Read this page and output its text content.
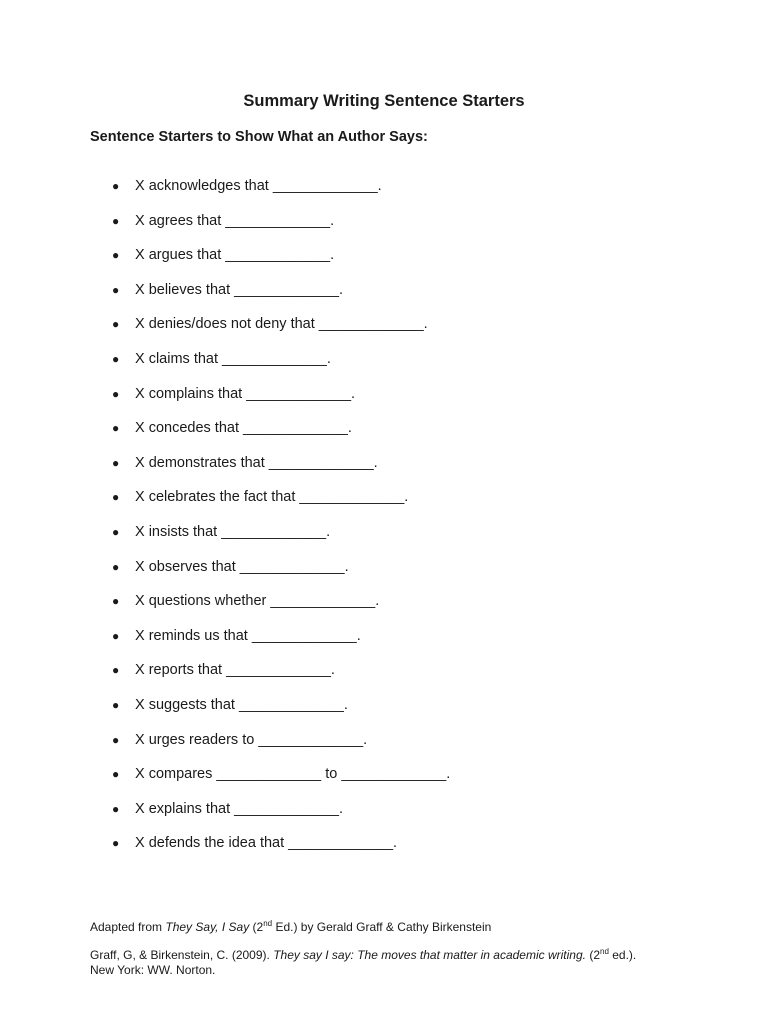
Summary Writing Sentence Starters
Sentence Starters to Show What an Author Says:
● X acknowledges that _____________.
● X agrees that _____________.
● X argues that _____________.
● X believes that _____________.
● X denies/does not deny that _____________.
● X claims that _____________.
● X complains that _____________.
● X concedes that _____________.
● X demonstrates that _____________.
● X celebrates the fact that _____________.
● X insists that _____________.
● X observes that _____________.
● X questions whether _____________.
● X reminds us that _____________.
● X reports that _____________.
● X suggests that _____________.
● X urges readers to _____________.
● X compares _____________ to _____________.
● X explains that _____________.
● X defends the idea that _____________.
Adapted from They Say, I Say (2nd Ed.) by Gerald Graff & Cathy Birkenstein
Graff, G, & Birkenstein, C. (2009). They say I say: The moves that matter in academic writing. (2nd ed.).
New York: WW. Norton.
